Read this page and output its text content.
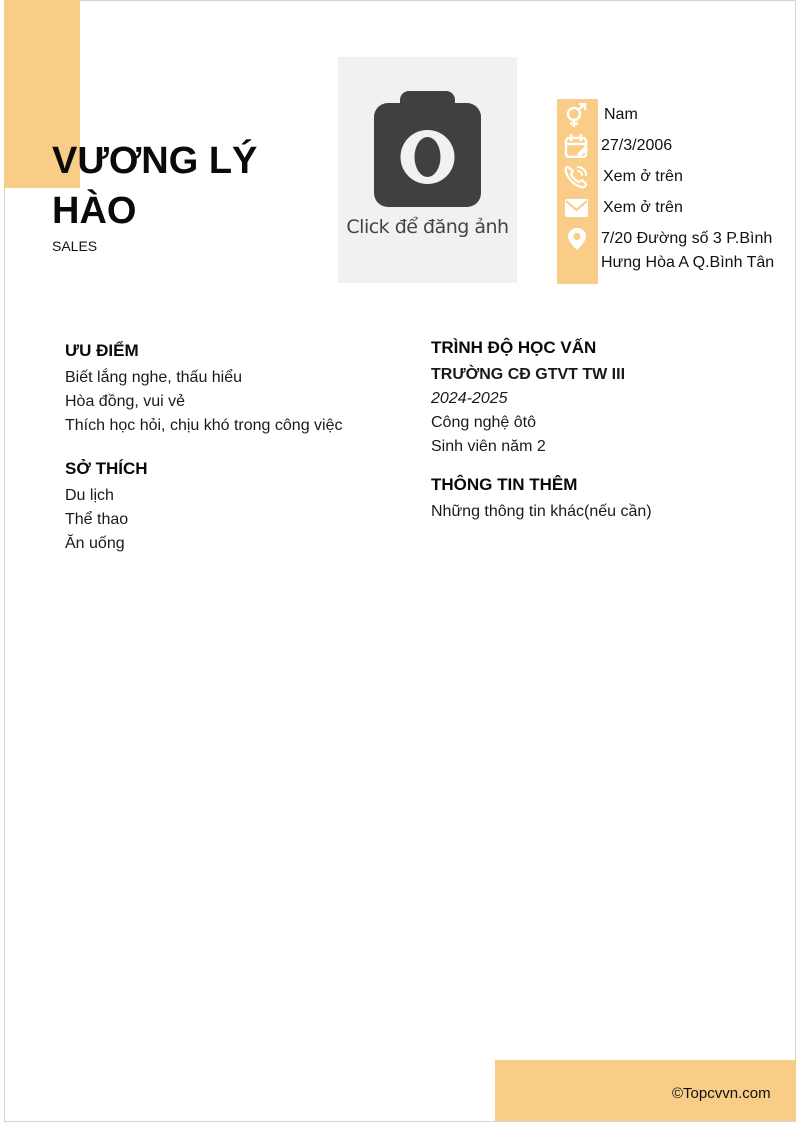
VƯƠNG LÝ HÀO
SALES
Click để đăng ảnh
Nam
27/3/2006
Xem ở trên
Xem ở trên
7/20 Đường số 3 P.Bình Hưng Hòa A Q.Bình Tân
ƯU ĐIỂM
Biết lắng nghe, thấu hiểu
Hòa đồng, vui vẻ
Thích học hỏi, chịu khó trong công việc
SỞ THÍCH
Du lịch
Thể thao
Ăn uống
TRÌNH ĐỘ HỌC VẤN
TRƯỜNG CĐ GTVT TW III
2024-2025
Công nghệ ôtô
Sinh viên năm 2
THÔNG TIN THÊM
Những thông tin khác(nếu cần)
©Topcvvn.com
